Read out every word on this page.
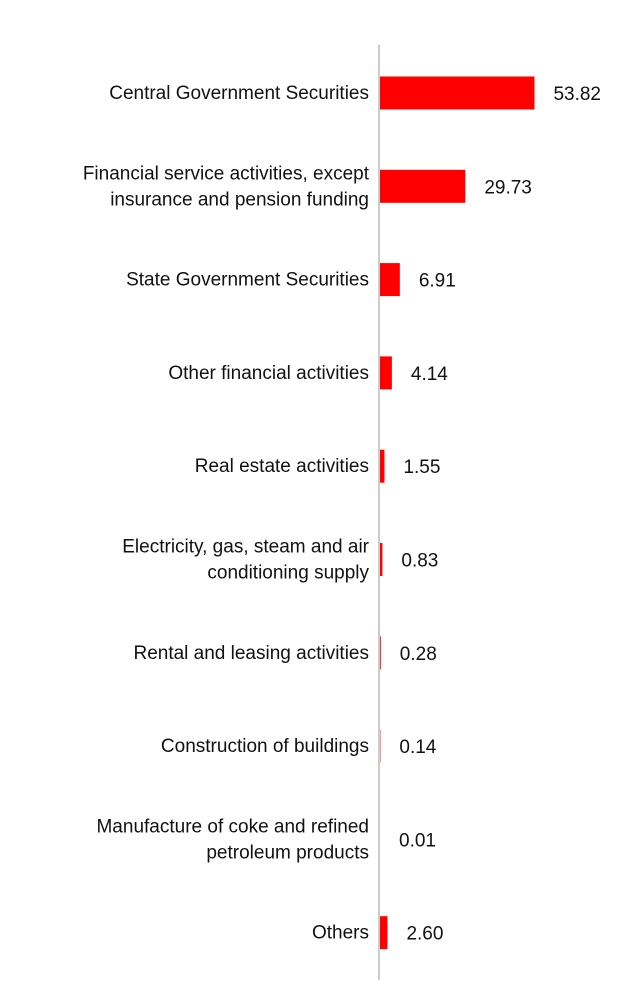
Central Government Securities
Financial service activities, except insurance and pension funding
State Government Securities
Other financial activities
Real estate activities
Electricity, gas, steam and air conditioning supply
Rental and leasing activities
Construction of buildings
Manufacture of coke and refined petroleum products
Others
53.82
29.73
6.91
4.14
1.55
0.83
0.28
0.14
0.01
2.60
